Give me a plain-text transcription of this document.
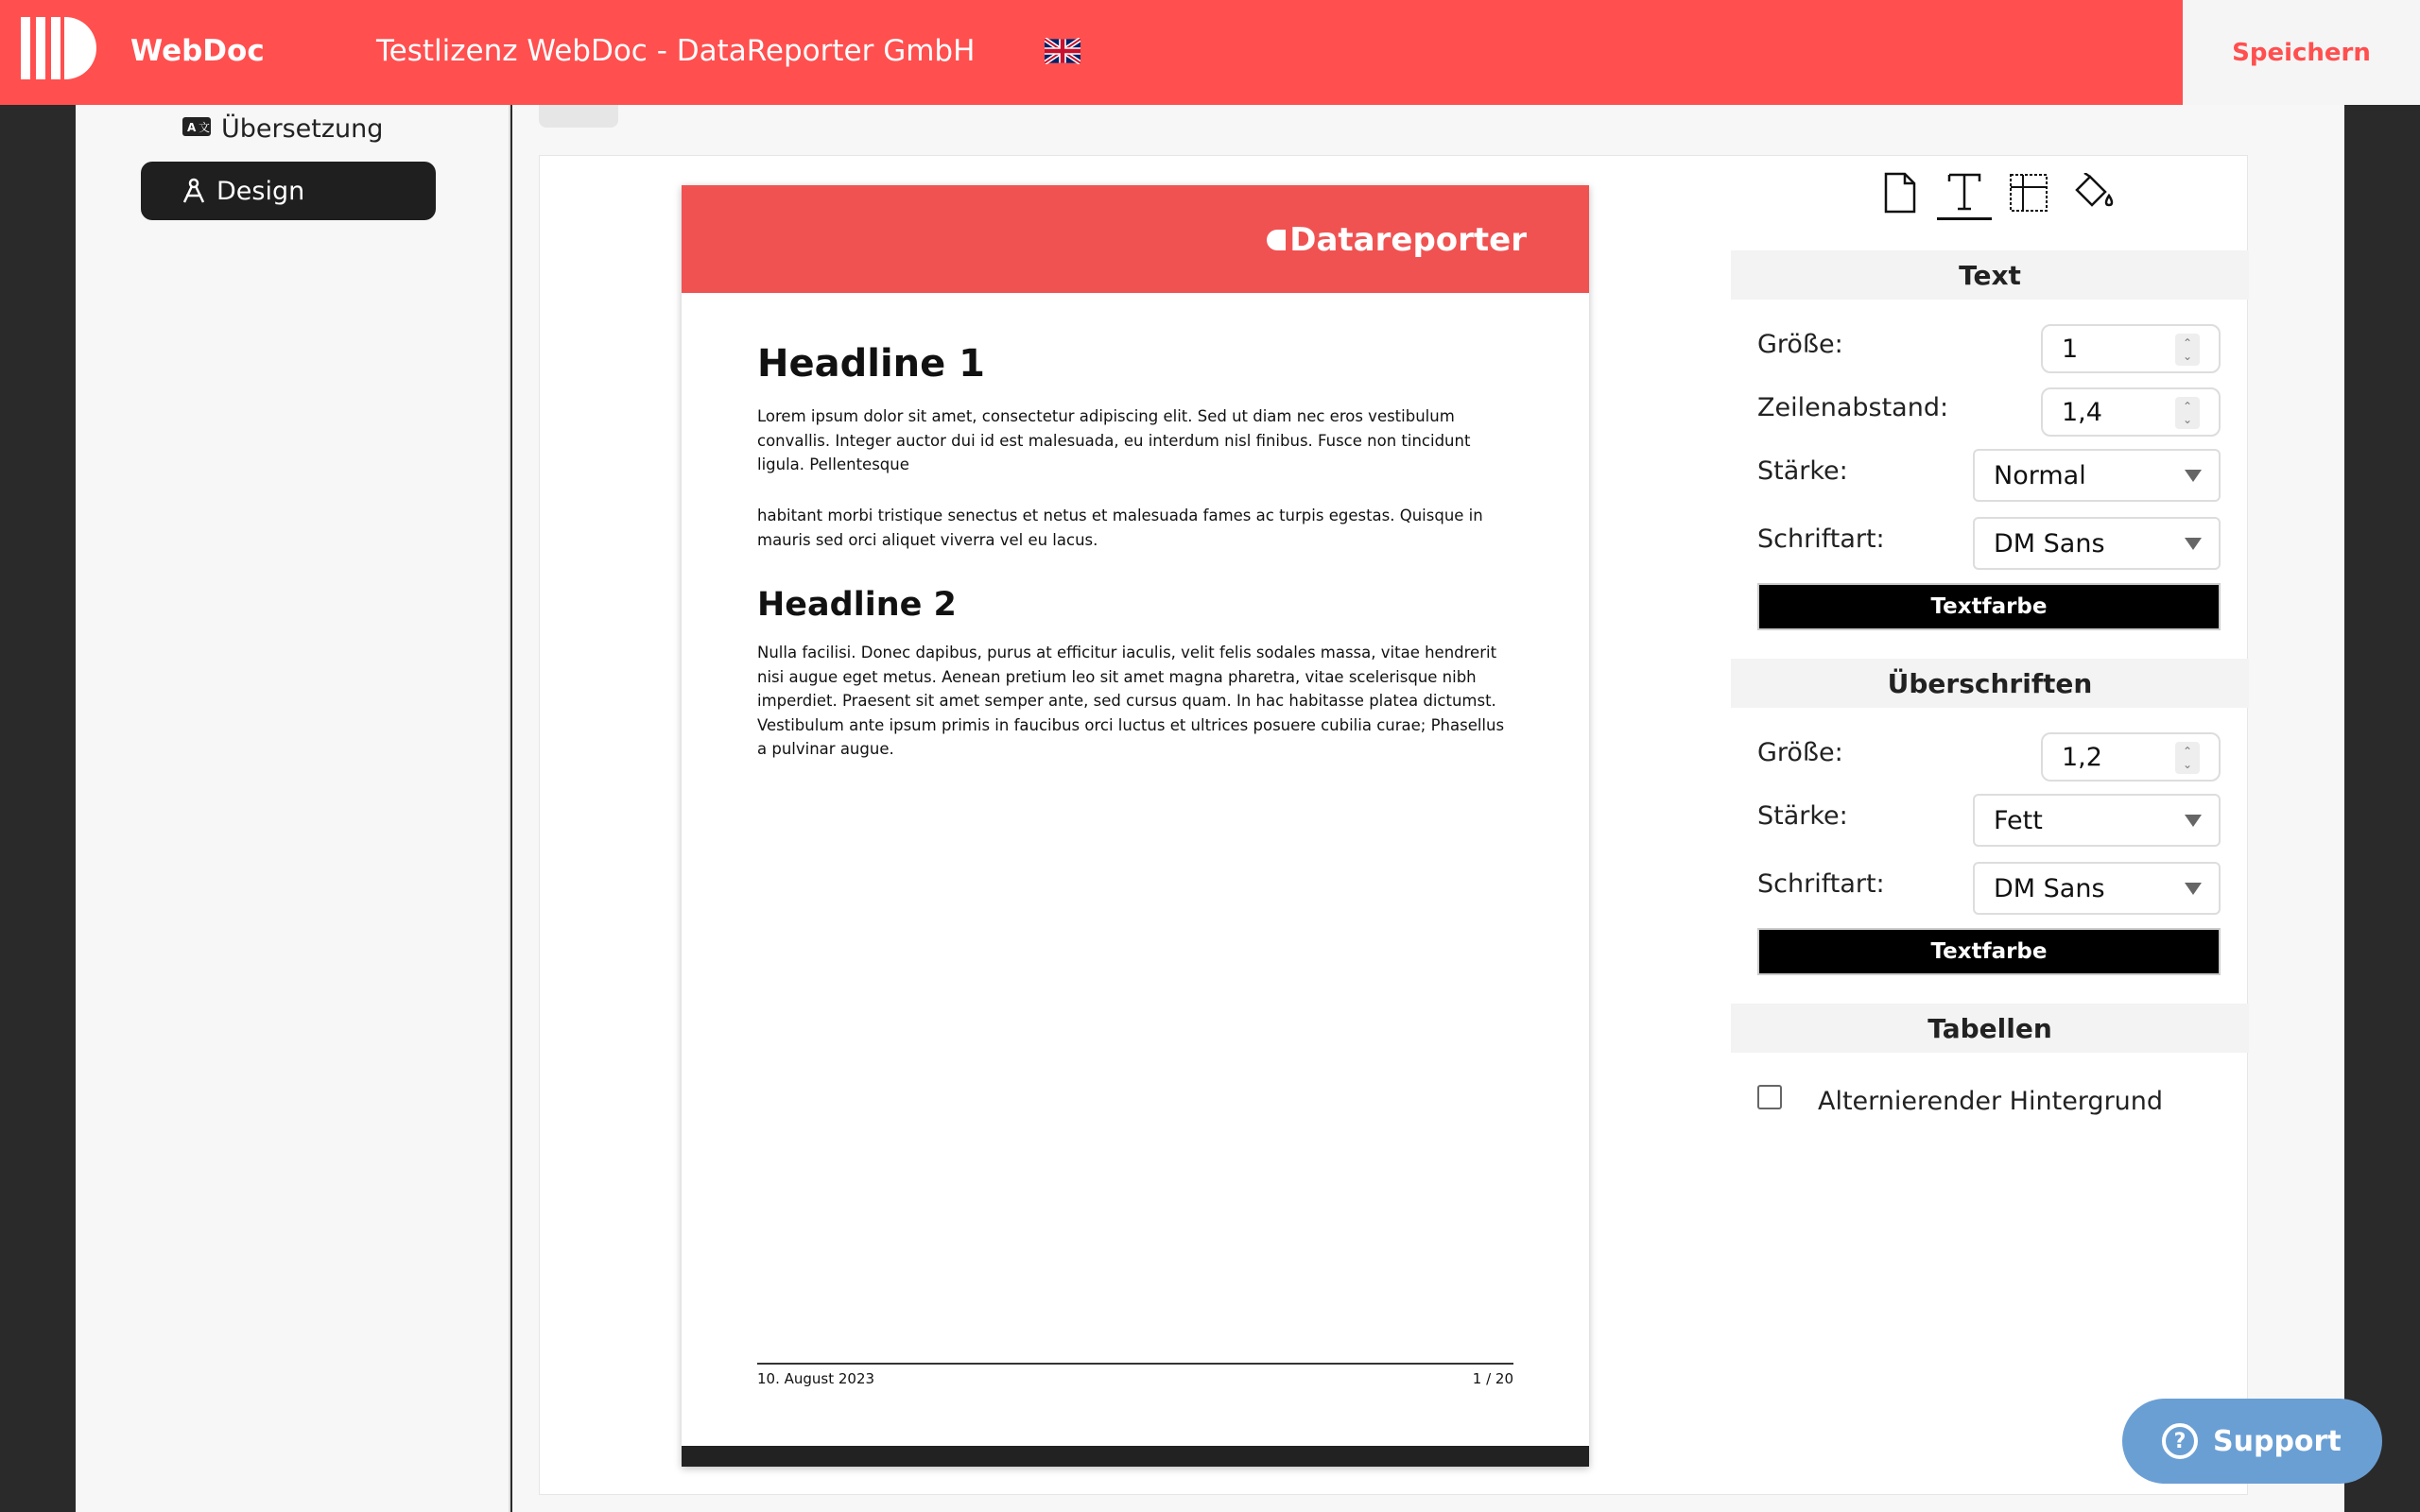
WebDoc	Testlizenz WebDoc - DataReporter GmbH	Speichern
A 文 Übersetzung
Design
Datareporter
Headline 1
Lorem ipsum dolor sit amet, consectetur adipiscing elit. Sed ut diam nec eros vestibulum convallis. Integer auctor dui id est malesuada, eu interdum nisl finibus. Fusce non tincidunt ligula. Pellentesque
habitant morbi tristique senectus et netus et malesuada fames ac turpis egestas. Quisque in mauris sed orci aliquet viverra vel eu lacus.
Headline 2
Nulla facilisi. Donec dapibus, purus at efficitur iaculis, velit felis sodales massa, vitae hendrerit nisi augue eget metus. Aenean pretium leo sit amet magna pharetra, vitae scelerisque nibh imperdiet. Praesent sit amet semper ante, sed cursus quam. In hac habitasse platea dictumst. Vestibulum ante ipsum primis in faucibus orci luctus et ultrices posuere cubilia curae; Phasellus a pulvinar augue.
10. August 2023	1 / 20
Text
Größe:	1	⌃
⌄
Zeilenabstand:	1,4	⌃
⌄
Stärke:	Normal
Schriftart:	DM Sans
Textfarbe
Überschriften
Größe:	1,2	⌃
⌄
Stärke:	Fett
Schriftart:	DM Sans
Textfarbe
Tabellen
Alternierender Hintergrund
? Support
